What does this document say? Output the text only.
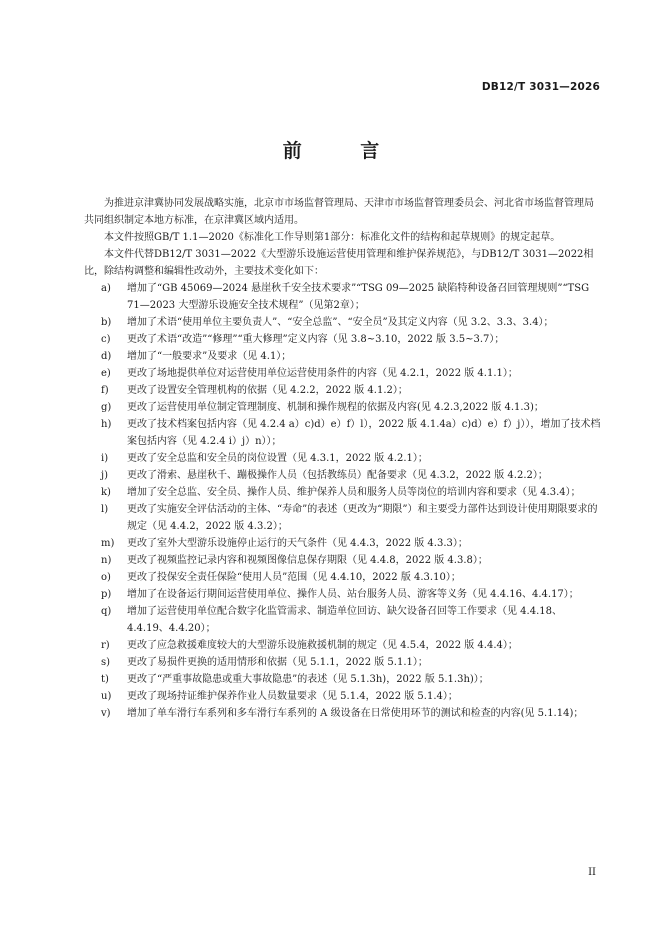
DB12/T 3031—2026
前 言

为推进京津冀协同发展战略实施，北京市市场监督管理局、天津市市场监督管理委员会、河北省市场监督管理局共同组织制定本地方标准，在京津冀区域内适用。

本文件按照GB/T 1.1—2020《标准化工作导则第1部分：标准化文件的结构和起草规则》的规定起草。

本文件代替DB12/T 3031—2022《大型游乐设施运营使用管理和维护保养规范》，与DB12/T 3031—2022相比，除结构调整和编辑性改动外，主要技术变化如下：

a)	增加了“GB 45069—2024 悬崖秋千安全技术要求”“TSG 09—2025 缺陷特种设备召回管理规则”“TSG 71—2023 大型游乐设施安全技术规程”（见第2章）；
b)	增加了术语“使用单位主要负责人”、“安全总监”、“安全员”及其定义内容（见 3.2、3.3、3.4）；
c)	更改了术语“改造”“修理”“重大修理”定义内容（见 3.8~3.10，2022 版 3.5~3.7）；
d)	增加了“一般要求”及要求（见 4.1）；
e)	更改了场地提供单位对运营使用单位运营使用条件的内容（见 4.2.1，2022 版 4.1.1）；
f)	更改了设置安全管理机构的依据（见 4.2.2，2022 版 4.1.2）；
g)	更改了运营使用单位制定管理制度、机制和操作规程的依据及内容(见 4.2.3,2022 版 4.1.3)；
h)	更改了技术档案包括内容（见 4.2.4 a）c)d）e）f）l），2022 版 4.1.4a）c)d）e）f）j）），增加了技术档案包括内容（见 4.2.4 i）j）n））；
i)	更改了安全总监和安全员的岗位设置（见 4.3.1，2022 版 4.2.1）；
j)	更改了滑索、悬崖秋千、蹦极操作人员（包括教练员）配备要求（见 4.3.2，2022 版 4.2.2）；
k)	增加了安全总监、安全员、操作人员、维护保养人员和服务人员等岗位的培训内容和要求（见 4.3.4）；
l)	更改了实施安全评估活动的主体、“寿命”的表述（更改为“期限”）和主要受力部件达到设计使用期限要求的规定（见 4.4.2，2022 版 4.3.2）；
m)	更改了室外大型游乐设施停止运行的天气条件（见 4.4.3，2022 版 4.3.3）；
n)	更改了视频监控记录内容和视频图像信息保存期限（见 4.4.8，2022 版 4.3.8）；
o)	更改了投保安全责任保险“使用人员”范围（见 4.4.10，2022 版 4.3.10）；
p)	增加了在设备运行期间运营使用单位、操作人员、站台服务人员、游客等义务（见 4.4.16、4.4.17）；
q)	增加了运营使用单位配合数字化监管需求、制造单位回访、缺欠设备召回等工作要求（见 4.4.18、4.4.19、4.4.20）；
r)	更改了应急救援难度较大的大型游乐设施救援机制的规定（见 4.5.4，2022 版 4.4.4）；
s)	更改了易损件更换的适用情形和依据（见 5.1.1，2022 版 5.1.1）；
t)	更改了“严重事故隐患或重大事故隐患”的表述（见 5.1.3h)，2022 版 5.1.3h)）；
u)	更改了现场持证维护保养作业人员数量要求（见 5.1.4，2022 版 5.1.4）；
v)	增加了单车滑行车系列和多车滑行车系列的 A 级设备在日常使用环节的测试和检查的内容(见 5.1.14)；
II
